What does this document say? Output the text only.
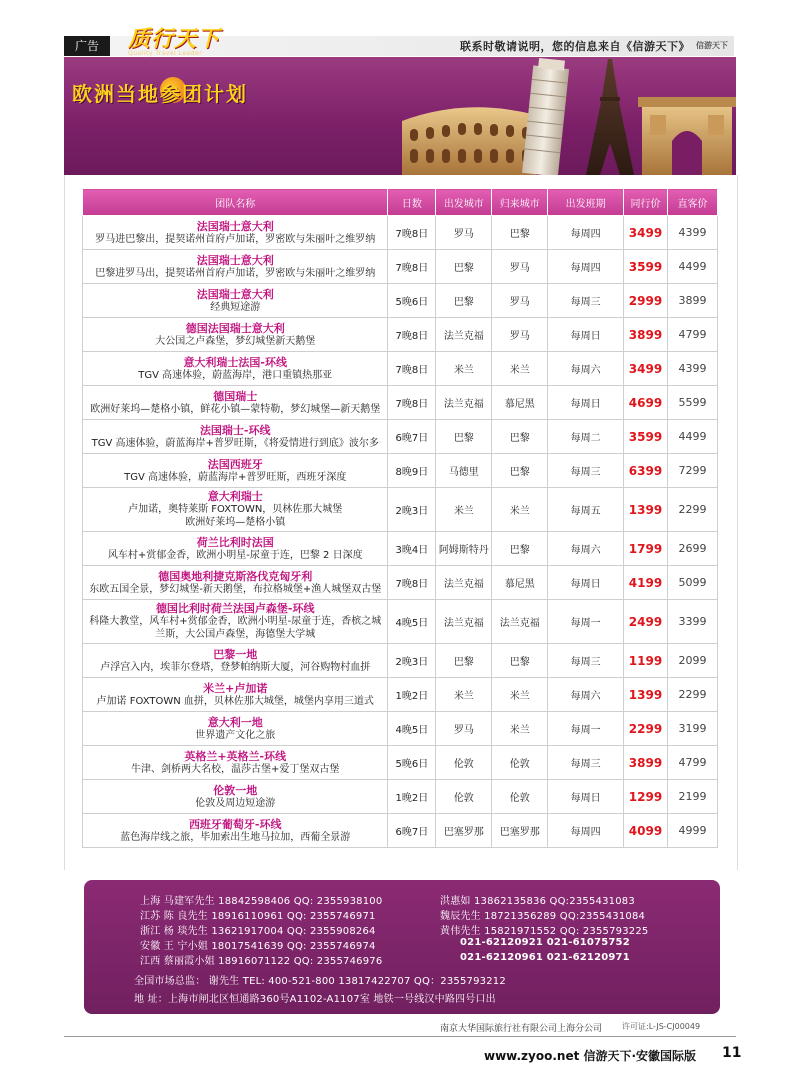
广告	联系时敬请说明，您的信息来自《信游天下》 信游天下
质行天下
Quality Travel Leader
欧洲当地参团计划
团队名称	日数	出发城市	归来城市	出发班期	同行价	直客价

法国瑞士意大利
罗马进巴黎出，提契诺州首府卢加诺，罗密欧与朱丽叶之维罗纳	7晚8日	罗马	巴黎	每周四	3499	4399

法国瑞士意大利
巴黎进罗马出，提契诺州首府卢加诺，罗密欧与朱丽叶之维罗纳	7晚8日	巴黎	罗马	每周四	3599	4499

法国瑞士意大利
经典短途游	5晚6日	巴黎	罗马	每周三	2999	3899

德国法国瑞士意大利
大公国之卢森堡，梦幻城堡新天鹅堡	7晚8日	法兰克福	罗马	每周日	3899	4799

意大利瑞士法国-环线
TGV 高速体验，蔚蓝海岸，港口重镇热那亚	7晚8日	米兰	米兰	每周六	3499	4399

德国瑞士
欧洲好莱坞—楚格小镇，鲜花小镇—蒙特勒，梦幻城堡—新天鹅堡	7晚8日	法兰克福	慕尼黑	每周日	4699	5599

法国瑞士-环线
TGV 高速体验，蔚蓝海岸+普罗旺斯，《将爱情进行到底》波尔多	6晚7日	巴黎	巴黎	每周二	3599	4499

法国西班牙
TGV 高速体验，蔚蓝海岸+普罗旺斯，西班牙深度	8晚9日	马德里	巴黎	每周三	6399	7299

意大利瑞士
卢加诺，奥特莱斯 FOXTOWN，贝林佐那大城堡
欧洲好莱坞—楚格小镇	2晚3日	米兰	米兰	每周五	1399	2299

荷兰比利时法国
风车村+赏郁金香，欧洲小明星-尿童于连，巴黎 2 日深度	3晚4日	阿姆斯特丹	巴黎	每周六	1799	2699

德国奥地利捷克斯洛伐克匈牙利
东欧五国全景，梦幻城堡-新天鹅堡，布拉格城堡+渔人城堡双古堡	7晚8日	法兰克福	慕尼黑	每周日	4199	5099

德国比利时荷兰法国卢森堡-环线
科隆大教堂，风车村+赏郁金香，欧洲小明星-尿童于连，香槟之城
兰斯，大公国卢森堡，海德堡大学城	4晚5日	法兰克福	法兰克福	每周一	2499	3399

巴黎一地
卢浮宫入内，埃菲尔登塔，登梦帕纳斯大厦，河谷购物村血拼	2晚3日	巴黎	巴黎	每周三	1199	2099

米兰+卢加诺
卢加诺 FOXTOWN 血拼，贝林佐那大城堡，城堡内享用三道式	1晚2日	米兰	米兰	每周六	1399	2299

意大利一地
世界遗产文化之旅	4晚5日	罗马	米兰	每周一	2299	3199

英格兰+英格兰-环线
牛津、剑桥两大名校，温莎古堡+爱丁堡双古堡	5晚6日	伦敦	伦敦	每周三	3899	4799

伦敦一地
伦敦及周边短途游	1晚2日	伦敦	伦敦	每周日	1299	2199

西班牙葡萄牙-环线
蓝色海岸线之旅，毕加索出生地马拉加，西葡全景游	6晚7日	巴塞罗那	巴塞罗那	每周四	4099	4999
上海 马建军先生 18842598406 QQ: 2355938100
江苏 陈 良先生 18916110961 QQ: 2355746971
浙江 杨 琰先生 13621917004 QQ: 2355908264
安徽 王 宁小姐 18017541639 QQ: 2355746974
江西 蔡丽霞小姐 18916071122 QQ: 2355746976
洪惠如 13862135836 QQ:2355431083
魏辰先生 18721356289 QQ:2355431084
黄伟先生 15821971552 QQ: 2355793225
021-62120921 021-61075752
021-62120961 021-62120971
全国市场总监： 谢先生 TEL: 400-521-800 13817422707 QQ：2355793212
地 址：上海市闸北区恒通路360号A1102-A1107室 地铁一号线汉中路四号口出
南京大华国际旅行社有限公司上海分公司 许可证:L-JS-CJ00049
www.zyoo.net 信游天下·安徽国际版 11
